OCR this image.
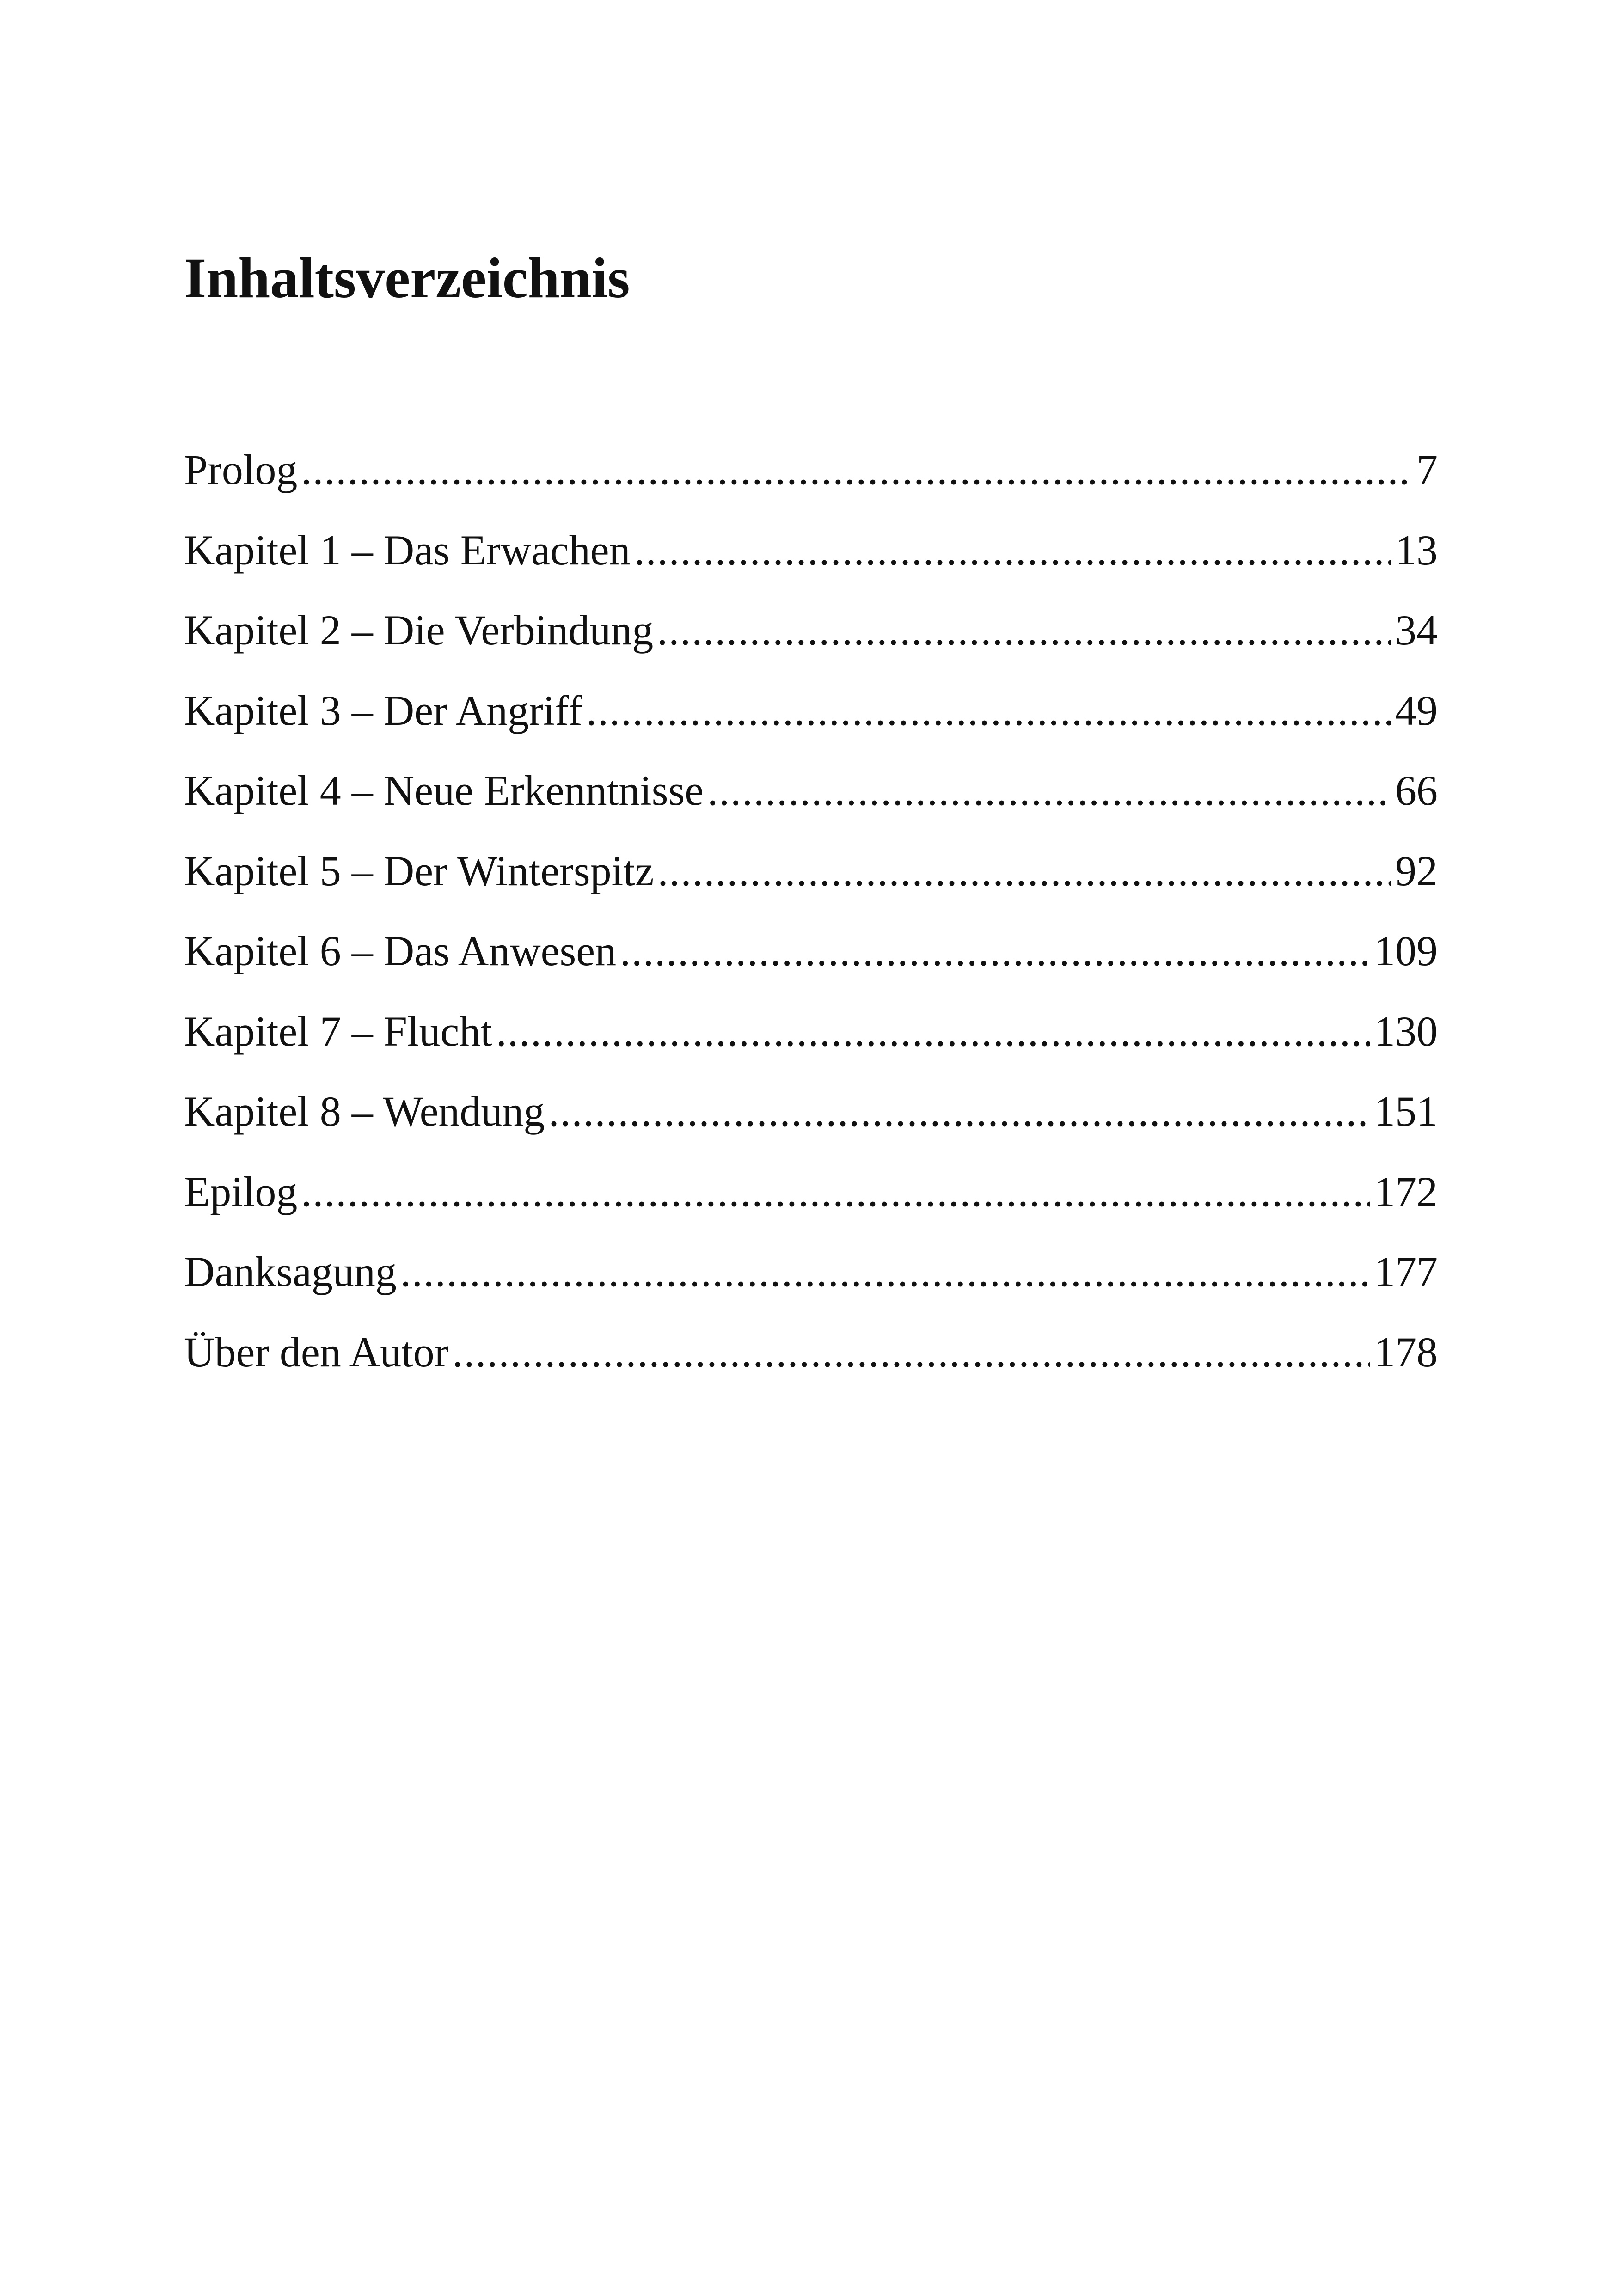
Inhaltsverzeichnis
Prolog .....	7
Kapitel 1 – Das Erwachen .....	13
Kapitel 2 – Die Verbindung .....	34
Kapitel 3 – Der Angriff .....	49
Kapitel 4 – Neue Erkenntnisse .....	66
Kapitel 5 – Der Winterspitz .....	92
Kapitel 6 – Das Anwesen .....	109
Kapitel 7 – Flucht .....	130
Kapitel 8 – Wendung .....	151
Epilog .....	172
Danksagung .....	177
Über den Autor .....	178
